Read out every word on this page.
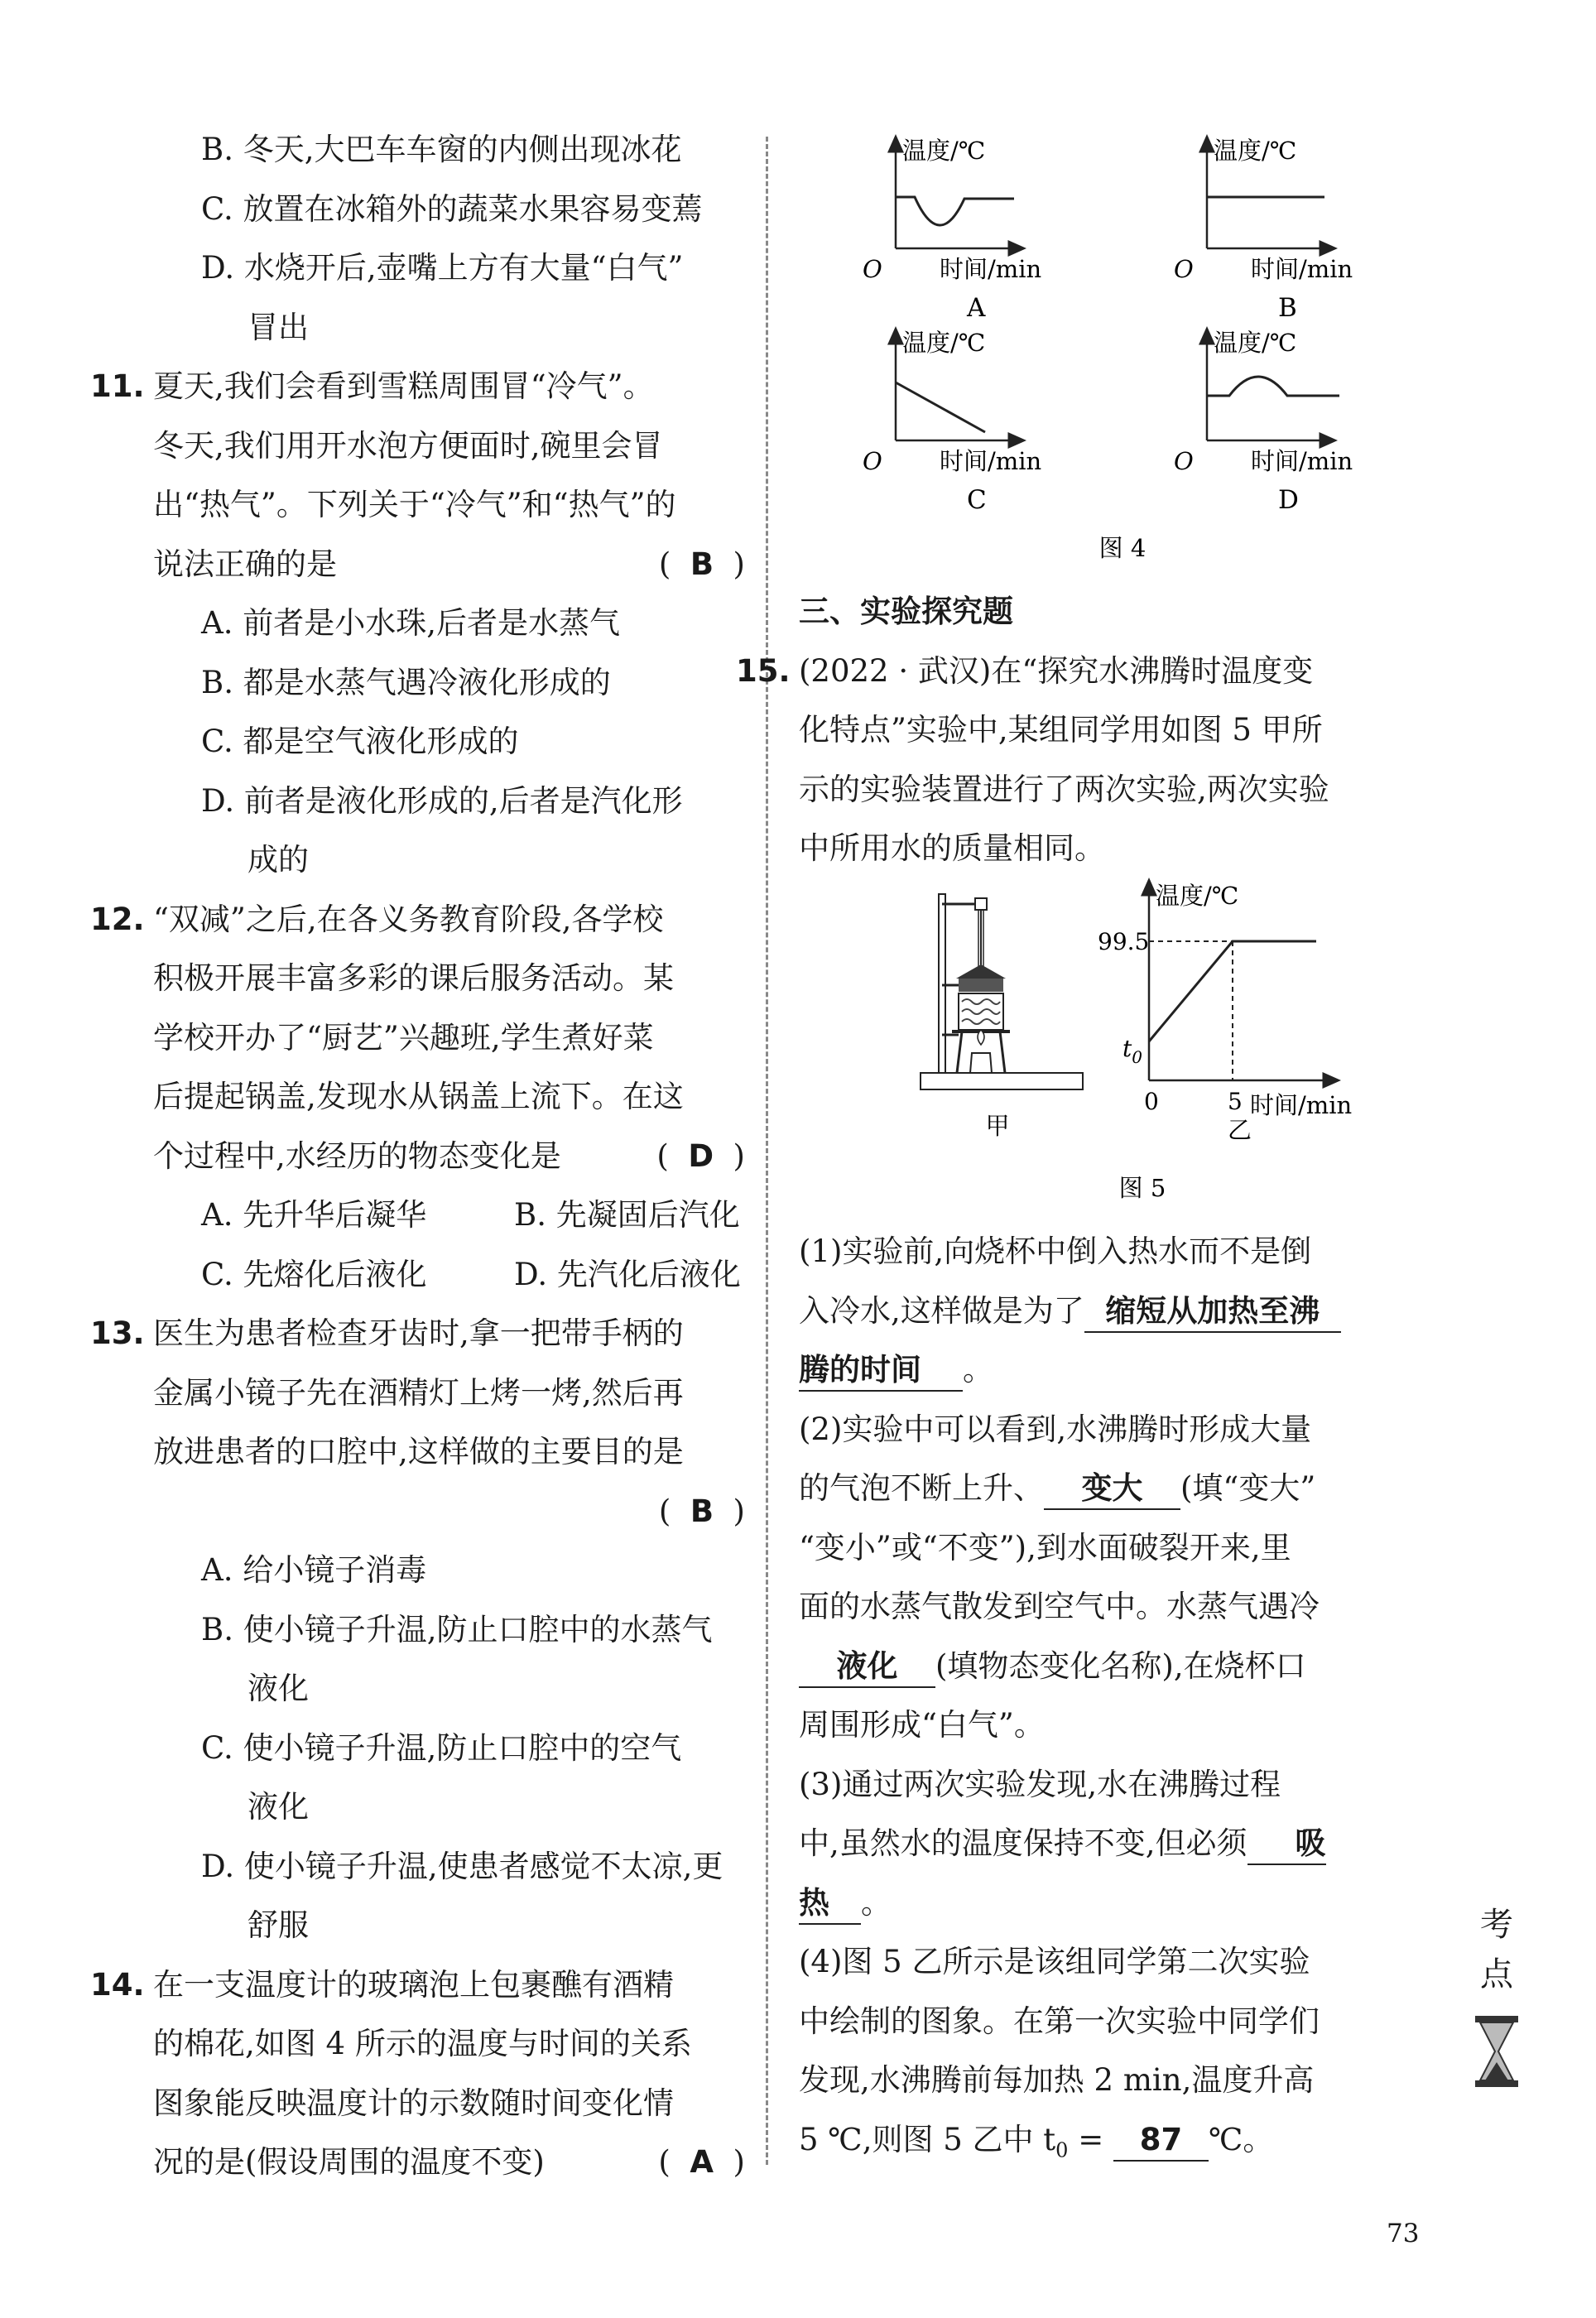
B. 冬天,大巴车车窗的内侧出现冰花
C. 放置在冰箱外的蔬菜水果容易变蔫
D. 水烧开后,壶嘴上方有大量“白气”
冒出
11. 夏天,我们会看到雪糕周围冒“冷气”。
冬天,我们用开水泡方便面时,碗里会冒
出“热气”。下列关于“冷气”和“热气”的
说法正确的是	(  B  )
A. 前者是小水珠,后者是水蒸气
B. 都是水蒸气遇冷液化形成的
C. 都是空气液化形成的
D. 前者是液化形成的,后者是汽化形
成的
12. “双减”之后,在各义务教育阶段,各学校
积极开展丰富多彩的课后服务活动。某
学校开办了“厨艺”兴趣班,学生煮好菜
后提起锅盖,发现水从锅盖上流下。在这
个过程中,水经历的物态变化是	(  D  )
A. 先升华后凝华	B. 先凝固后汽化
C. 先熔化后液化	D. 先汽化后液化
13. 医生为患者检查牙齿时,拿一把带手柄的
金属小镜子先在酒精灯上烤一烤,然后再
放进患者的口腔中,这样做的主要目的是
(  B  )
A. 给小镜子消毒
B. 使小镜子升温,防止口腔中的水蒸气
液化
C. 使小镜子升温,防止口腔中的空气
液化
D. 使小镜子升温,使患者感觉不太凉,更
舒服
14. 在一支温度计的玻璃泡上包裹醮有酒精
的棉花,如图 4 所示的温度与时间的关系
图象能反映温度计的示数随时间变化情
况的是(假设周围的温度不变)	(  A  )
温度/℃
O 时间/min
A
温度/℃
O 时间/min
B
温度/℃
O 时间/min
C
温度/℃
O 时间/min
D
图 4
三、实验探究题
15. (2022 · 武汉)在“探究水沸腾时温度变
化特点”实验中,某组同学用如图 5 甲所
示的实验装置进行了两次实验,两次实验
中所用水的质量相同。
甲
温度/℃
99.5
$t_0$
0	5 时间/min
乙
图 5
(1)实验前,向烧杯中倒入热水而不是倒
入冷水,这样做是为了 缩短从加热至沸
腾的时间 。
(2)实验中可以看到,水沸腾时形成大量
的气泡不断上升、 变大 (填“变大”
“变小”或“不变”),到水面破裂开来,里
面的水蒸气散发到空气中。水蒸气遇冷
液化 (填物态变化名称),在烧杯口
周围形成“白气”。
(3)通过两次实验发现,水在沸腾过程
中,虽然水的温度保持不变,但必须 吸
热 。
(4)图 5 乙所示是该组同学第二次实验
中绘制的图象。在第一次实验中同学们
发现,水沸腾前每加热 2 min,温度升高
5 ℃,则图 5 乙中 $t_0 = 87$ ℃。
考
点
73
